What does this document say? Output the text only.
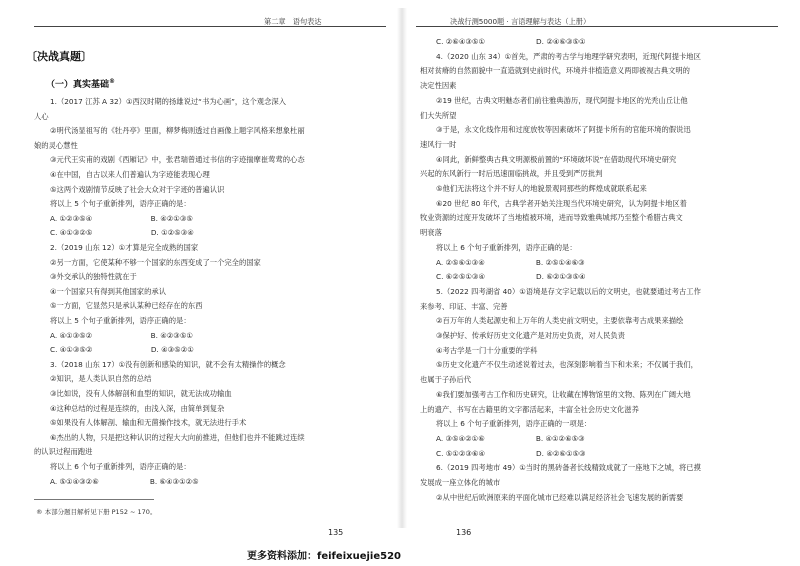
第二章　语句表达
〔决战真题〕
（一）真实基础®
1.（2017 江苏 A 32）①西汉时期的扬雄说过“书为心画”，这个观念深入
人心
②明代汤显祖写的《牡丹亭》里面，柳梦梅则透过自画像上题字风格来想象杜丽
娘的灵心慧性
③元代王实甫的戏剧《西厢记》中，张君瑞曾通过书信的字迹揣摩崔莺莺的心态
④在中国，自古以来人们普遍认为字迹能表现心理
⑤这两个戏剧情节反映了社会大众对于字迹的普遍认识
将以上 5 个句子重新排列，语序正确的是：
A. ①②③⑤④　　　　　　　　B. ④②①③⑤
C. ④①③②⑤　　　　　　　　D. ①②⑤③④
2.（2019 山东 12）①才算是完全成熟的国家
②另一方面，它使某种不够一个国家的东西变成了一个完全的国家
③外交承认的独特性就在于
④一个国家只有得到其他国家的承认
⑤一方面，它显然只是承认某种已经存在的东西
将以上 5 个句子重新排列，语序正确的是：
A. ④①③⑤②　　　　　　　　B. ④②③⑤①
C. ④①③⑤②　　　　　　　　D. ④③⑤②①
3.（2018 山东 17）①没有创新和感染的知识，就不会有太精操作的概念
②知识，是人类认识自然的总结
③比如说，没有人体解剖和血型的知识，就无法成功输血
④这种总结的过程是连续的，由浅入深，由简单到复杂
⑤如果没有人体解剖、输血和无菌操作技术，就无法进行手术
⑥杰出的人物，只是把这种认识的过程大大向前推进，但他们也并不能跳过连续
的认识过程而跑进
将以上 6 个句子重新排列，语序正确的是：
A. ⑤①④③②⑥　　　　　　　B. ⑥④③①②⑤
® 本部分题目解析见下册 P152 ~ 170。
135
决战行测5000题 · 言语理解与表达（上册）
C. ②⑥④③⑤①　　　　　　　D. ②④⑥③⑤①
4.（2020 山东 34）①首先，严肃的考古学与地理学研究表明，近现代阿提卡地区
相对贫瘠的自然面貌中一直造就到史前时代，环境并非植造意义两即被视古典文明的
决定性因素
②19 世纪，古典文明魅态者们前往雅典游历，现代阿提卡地区的光秃山丘让他
们大失所望
③于是，永文化线作用和过度放牧等因素破坏了阿提卡所有的官能环境的假说迅
速风行一时
④同此，新鲜整典古典文明源极前置的“环境破坏说”在借助现代环境史研究
兴起的东风新行一时后迅速面临挑战，并且受到严厉批判
⑤他们无法将这个并不好人的地貌景观同那些的辉煌成就联系起来
⑥20 世纪 80 年代，古典学者开始关注现当代环境史研究，认为阿提卡地区着
牧业资源的过度开发破坏了当地植被环境，进而导致雅典城邦乃至整个希腊古典文
明衰落
将以上 6 个句子重新排列，语序正确的是：
A. ②⑤⑥①③④　　　　　　　B. ②⑤①④⑥③
C. ⑥②⑤①③④　　　　　　　D. ⑥②①③⑤④
5.（2022 四考湖省 40）①语境是存文字记载以后的文明史，也就要通过考古工作
来参考、印证、丰富、完善
②百万年的人类起源史和上万年的人类史前文明史，主要依靠考古成果来描绘
③保护好、传承好历史文化遗产是对历史负责，对人民负责
④考古学是一门十分重要的学科
⑤历史文化遗产不仅生动述说着过去，也深刻影响着当下和未来；不仅属于我们，
也属于子孙后代
⑥我们要加强考古工作和历史研究，让收藏在博物馆里的文物、陈列在广阔大地
上的遗产、书写在古籍里的文字都活起来，丰富全社会历史文化滋养
将以上 6 个句子重新排列，语序正确的一项是：
A. ③⑤④②①⑥　　　　　　　B. ④①②⑥⑤③
C. ⑤①②③⑥④　　　　　　　D. ④②⑥①⑤③
6.（2019 四考地市 49）①当时的黑砖备者长线精致成就了一座地下之城，将已摸
发展成一座立体化的城市
②从中世纪后欧洲原来的平面化城市已经难以满足经济社会飞速发展的新需要
136
更多资料添加：feifeixuejie520
